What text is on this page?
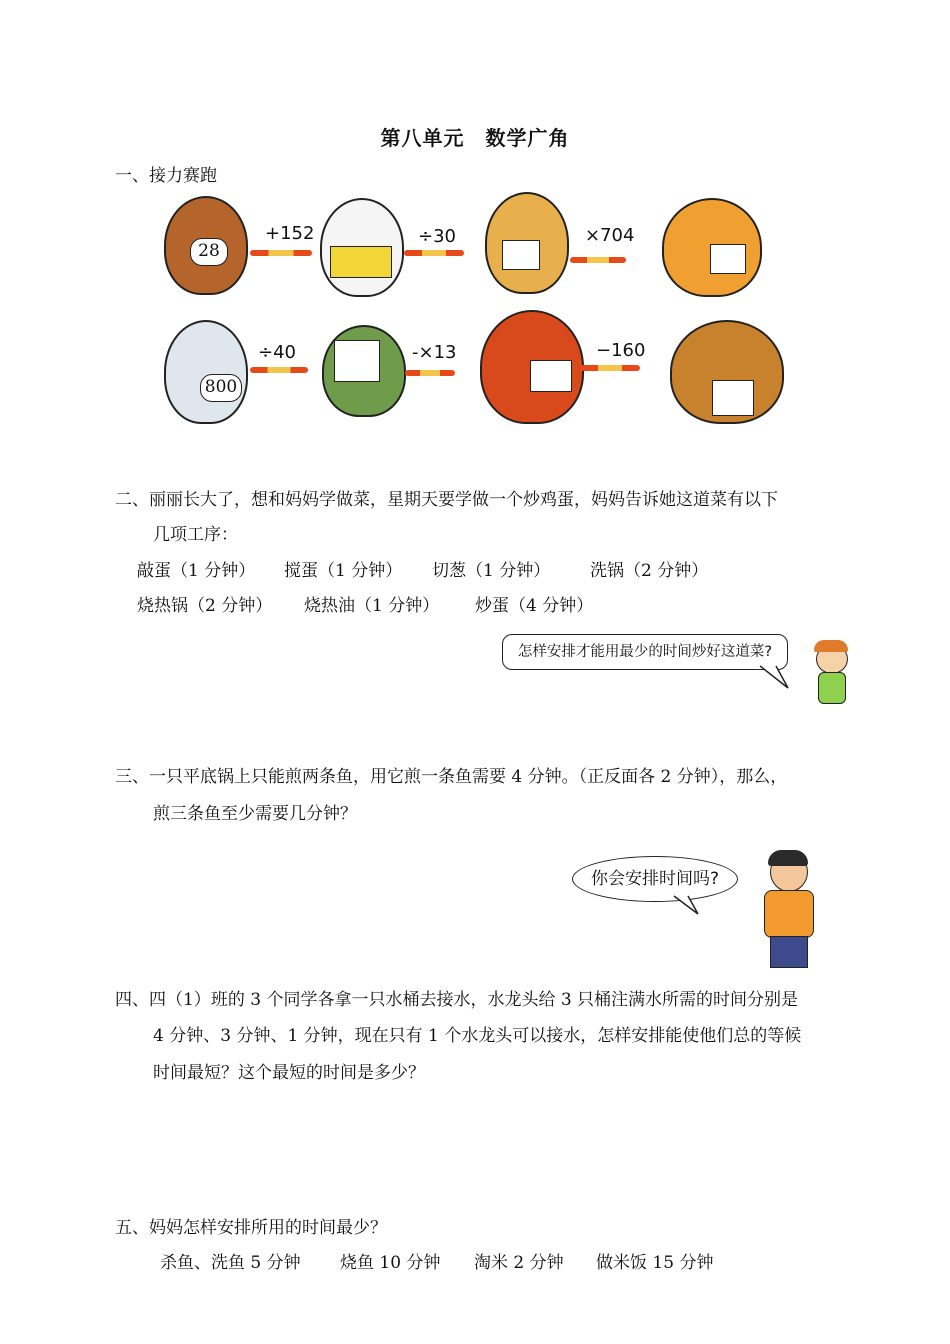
第八单元　数学广角
一、接力赛跑
28
+152	÷30	×704
800
÷40	-×13	−160
二、丽丽长大了，想和妈妈学做菜，星期天要学做一个炒鸡蛋，妈妈告诉她这道菜有以下
几项工序：
敲蛋（1 分钟） 搅蛋（1 分钟） 切葱（1 分钟） 洗锅（2 分钟）
烧热锅（2 分钟） 烧热油（1 分钟） 炒蛋（4 分钟）
怎样安排才能用最少的时间炒好这道菜?
三、一只平底锅上只能煎两条鱼，用它煎一条鱼需要 4 分钟。（正反面各 2 分钟），那么，
煎三条鱼至少需要几分钟？
你会安排时间吗?
四、四（1）班的 3 个同学各拿一只水桶去接水，水龙头给 3 只桶注满水所需的时间分别是
4 分钟、3 分钟、1 分钟，现在只有 1 个水龙头可以接水，怎样安排能使他们总的等候
时间最短？这个最短的时间是多少？
五、妈妈怎样安排所用的时间最少？
杀鱼、洗鱼 5 分钟 烧鱼 10 分钟 淘米 2 分钟 做米饭 15 分钟
